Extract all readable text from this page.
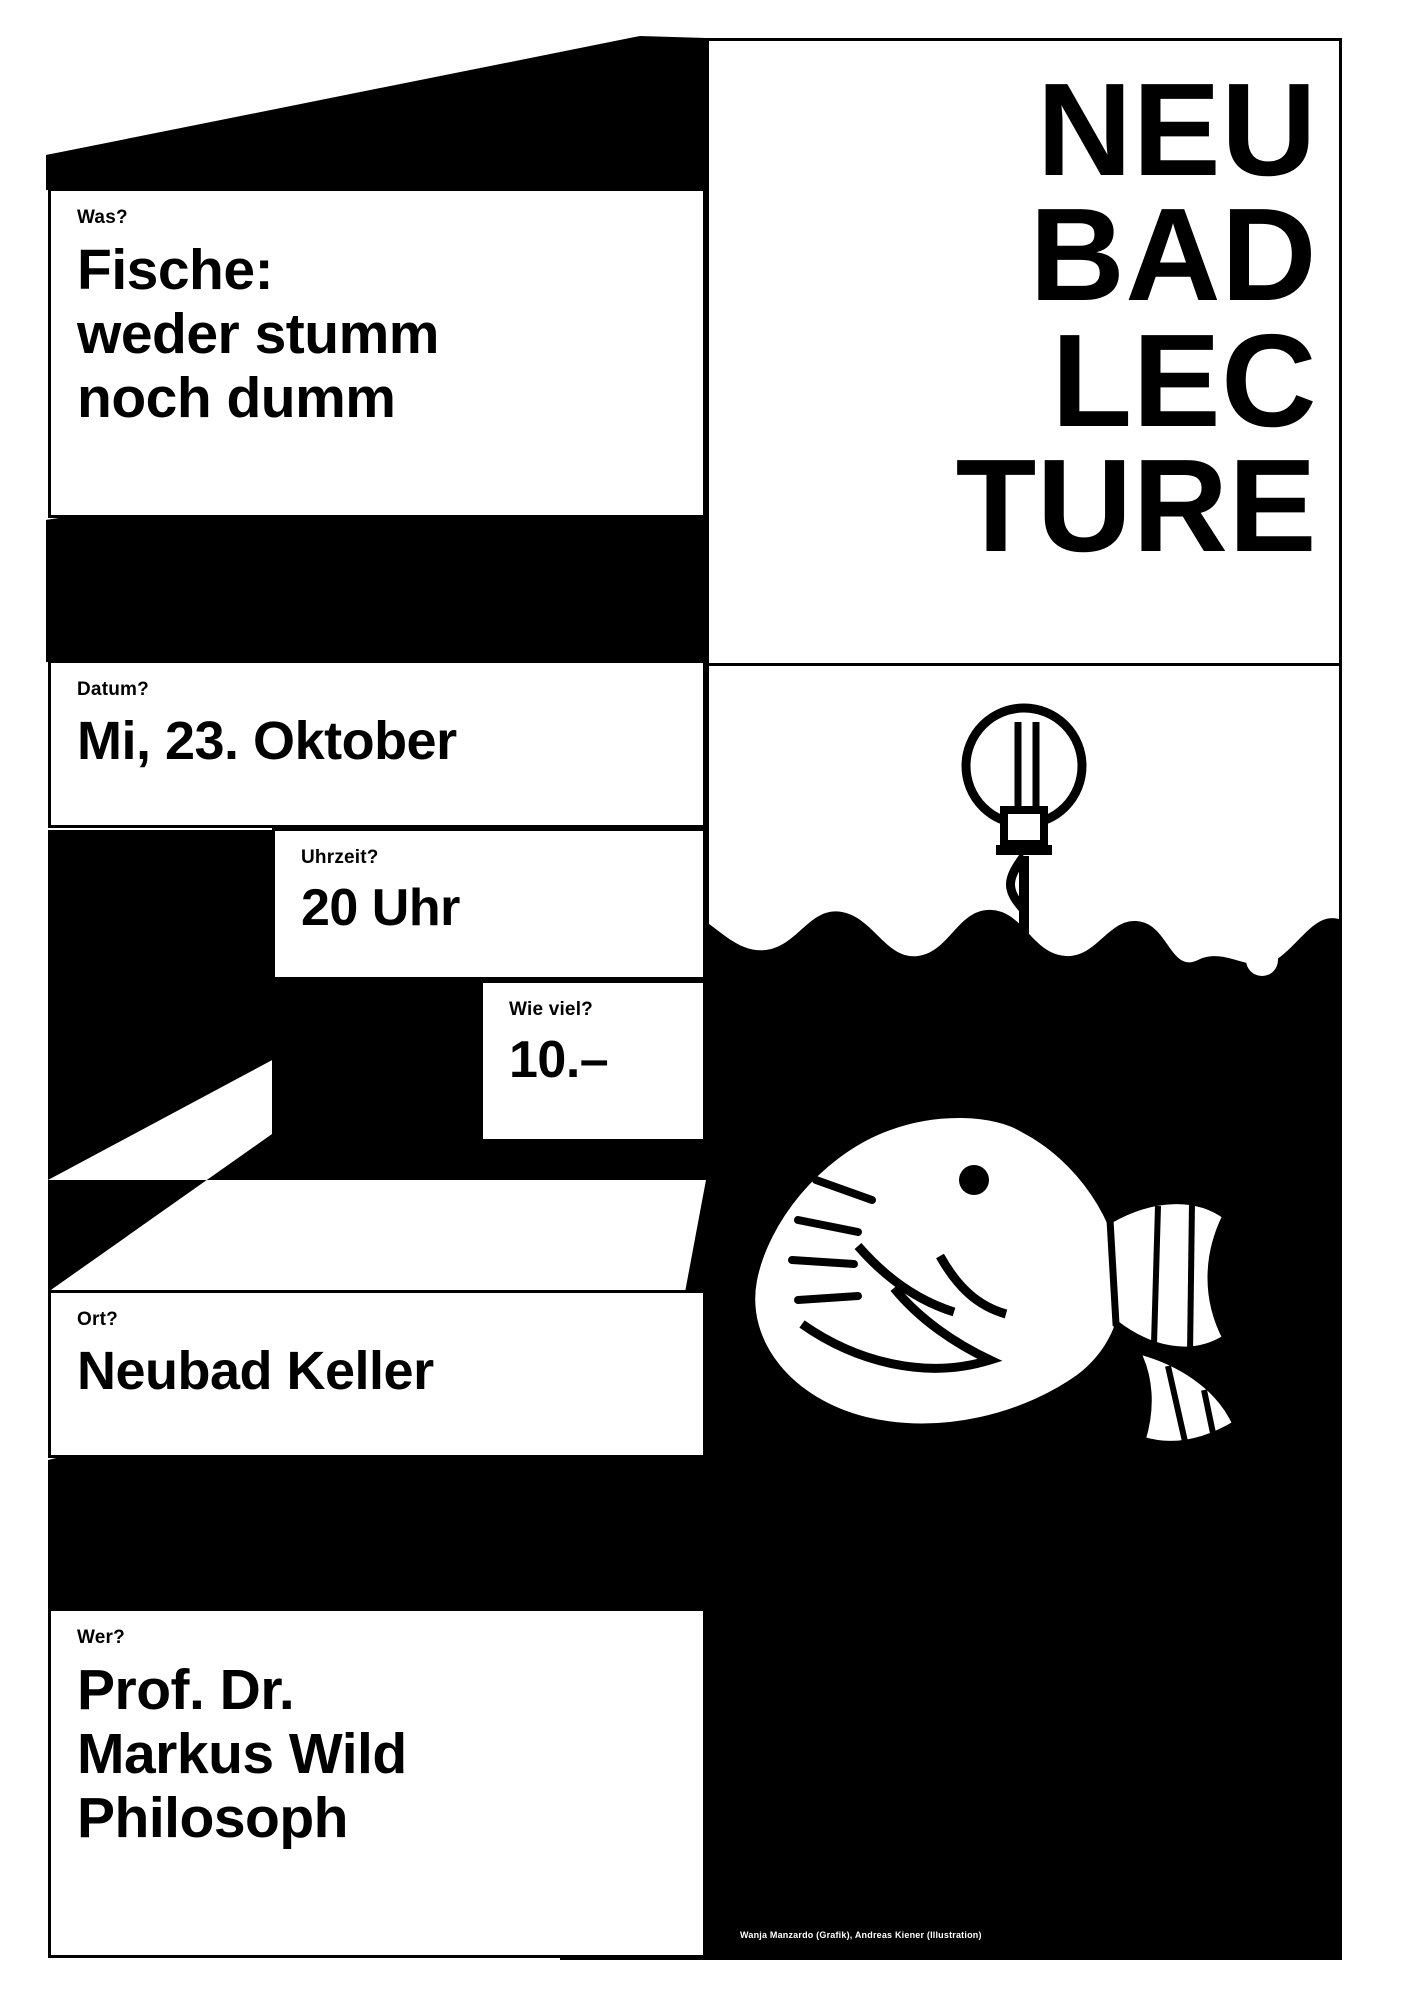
NEU
BAD
LEC
TURE
Was?
Fische:
weder stumm
noch dumm
Datum?
Mi, 23. Oktober
Uhrzeit?
20 Uhr
Wie viel?
10.–
Ort?
Neubad Keller
Wer?
Prof. Dr.
Markus Wild
Philosoph
Wanja Manzardo (Grafik), Andreas Kiener (Illustration)
